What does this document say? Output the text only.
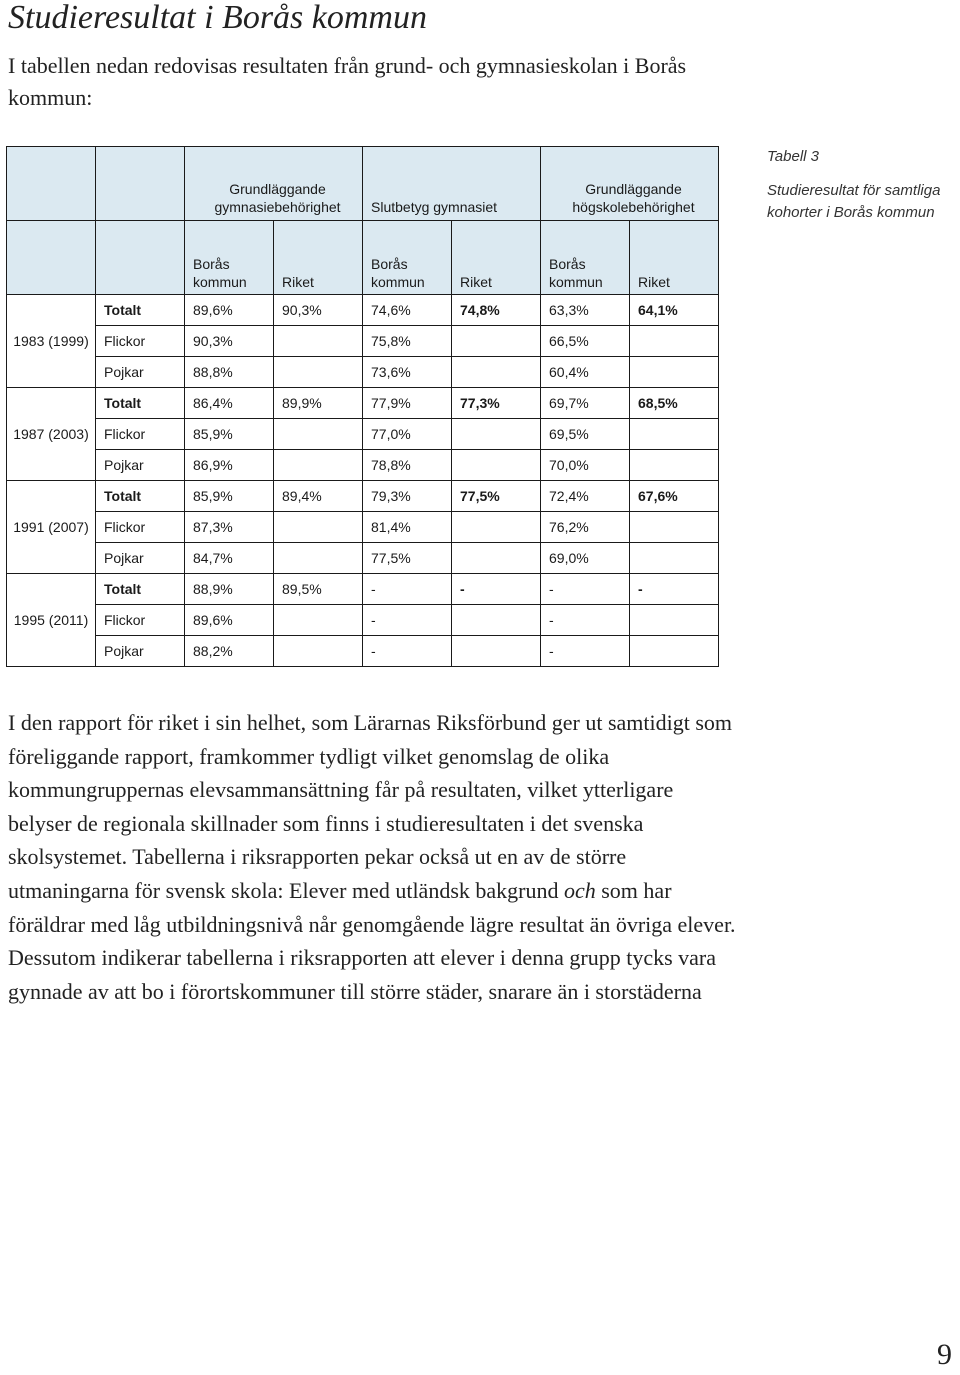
Studieresultat i Borås kommun

I tabellen nedan redovisas resultaten från grund- och gymnasieskolan i Borås kommun:

Tabell 3
Studieresultat för samtliga kohorter i Borås kommun
		Grundläggande gymnasiebehörighet		Slutbetyg gymnasiet		Grundläggande högskolebehörighet	
		Borås kommun	Riket	Borås kommun	Riket	Borås kommun	Riket
1983 (1999)	Totalt	89,6%	90,3%	74,6%	74,8%	63,3%	64,1%
	Flickor	90,3%		75,8%		66,5%	
	Pojkar	88,8%		73,6%		60,4%	
1987 (2003)	Totalt	86,4%	89,9%	77,9%	77,3%	69,7%	68,5%
	Flickor	85,9%		77,0%		69,5%	
	Pojkar	86,9%		78,8%		70,0%	
1991 (2007)	Totalt	85,9%	89,4%	79,3%	77,5%	72,4%	67,6%
	Flickor	87,3%		81,4%		76,2%	
	Pojkar	84,7%		77,5%		69,0%	
1995 (2011)	Totalt	88,9%	89,5%	-	-	-	-
	Flickor	89,6%		-		-	
	Pojkar	88,2%		-		-	

I den rapport för riket i sin helhet, som Lärarnas Riksförbund ger ut samtidigt som föreliggande rapport, framkommer tydligt vilket genomslag de olika kommungruppernas elevsammansättning får på resultaten, vilket ytterligare belyser de regionala skillnader som finns i studieresultaten i det svenska skolsystemet. Tabellerna i riksrapporten pekar också ut en av de större utmaningarna för svensk skola: Elever med utländsk bakgrund och som har föräldrar med låg utbildningsnivå når genomgående lägre resultat än övriga elever. Dessutom indikerar tabellerna i riksrapporten att elever i denna grupp tycks vara gynnade av att bo i förortskommuner till större städer, snarare än i storstäderna

9
